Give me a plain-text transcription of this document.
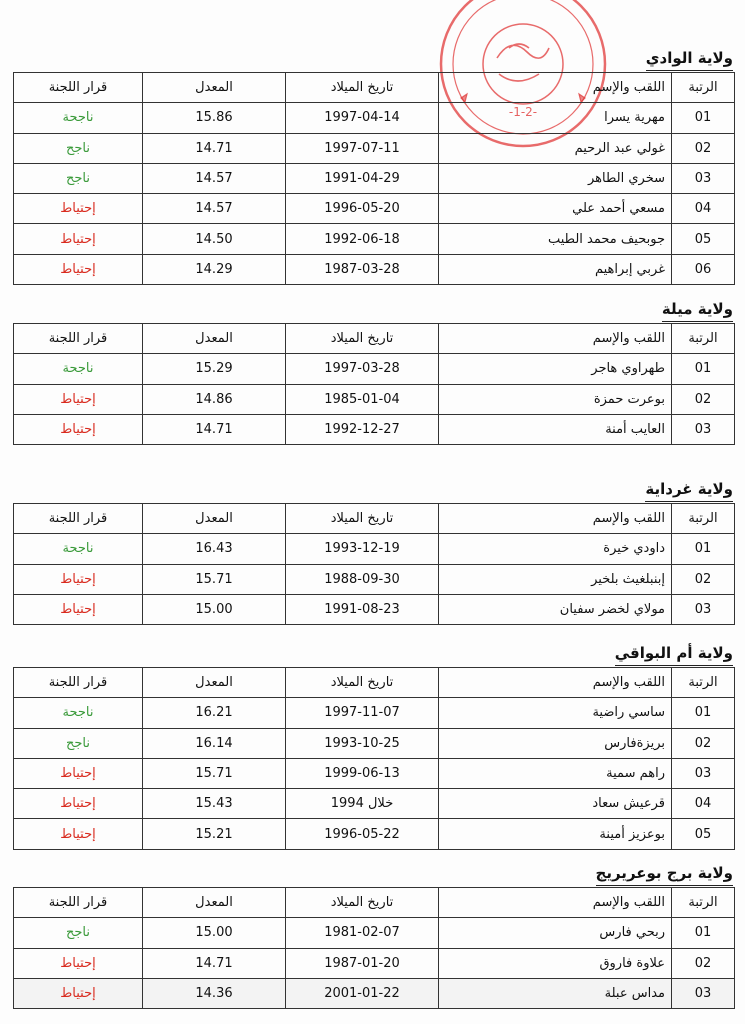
-1-2-
ولاية الوادي
الرتبة	اللقب والإسم	تاريخ الميلاد	المعدل	قرار اللجنة
01	مهرية يسرا	1997-04-14	15.86	ناجحة
02	غولي عبد الرحيم	1997-07-11	14.71	ناجح
03	سخري الطاهر	1991-04-29	14.57	ناجح
04	مسعي أحمد علي	1996-05-20	14.57	إحتياط
05	جوبحيف محمد الطيب	1992-06-18	14.50	إحتياط
06	غربي إبراهيم	1987-03-28	14.29	إحتياط
ولاية ميلة
الرتبة	اللقب والإسم	تاريخ الميلاد	المعدل	قرار اللجنة
01	طهراوي هاجر	1997-03-28	15.29	ناجحة
02	بوعرت حمزة	1985-01-04	14.86	إحتياط
03	العايب أمنة	1992-12-27	14.71	إحتياط
ولاية غرداية
الرتبة	اللقب والإسم	تاريخ الميلاد	المعدل	قرار اللجنة
01	داودي خيرة	1993-12-19	16.43	ناجحة
02	إبنبلغيث بلخير	1988-09-30	15.71	إحتياط
03	مولاي لخضر سفيان	1991-08-23	15.00	إحتياط
ولاية أم البواقي
الرتبة	اللقب والإسم	تاريخ الميلاد	المعدل	قرار اللجنة
01	ساسي راضية	1997-11-07	16.21	ناجحة
02	بريزةفارس	1993-10-25	16.14	ناجح
03	راهم سمية	1999-06-13	15.71	إحتياط
04	قرعيش سعاد	خلال 1994	15.43	إحتياط
05	بوعزيز أمينة	1996-05-22	15.21	إحتياط
ولاية برج بوعريريج
الرتبة	اللقب والإسم	تاريخ الميلاد	المعدل	قرار اللجنة
01	ربحي فارس	1981-02-07	15.00	ناجح
02	علاوة فاروق	1987-01-20	14.71	إحتياط
03	مداس عبلة	2001-01-22	14.36	إحتياط
